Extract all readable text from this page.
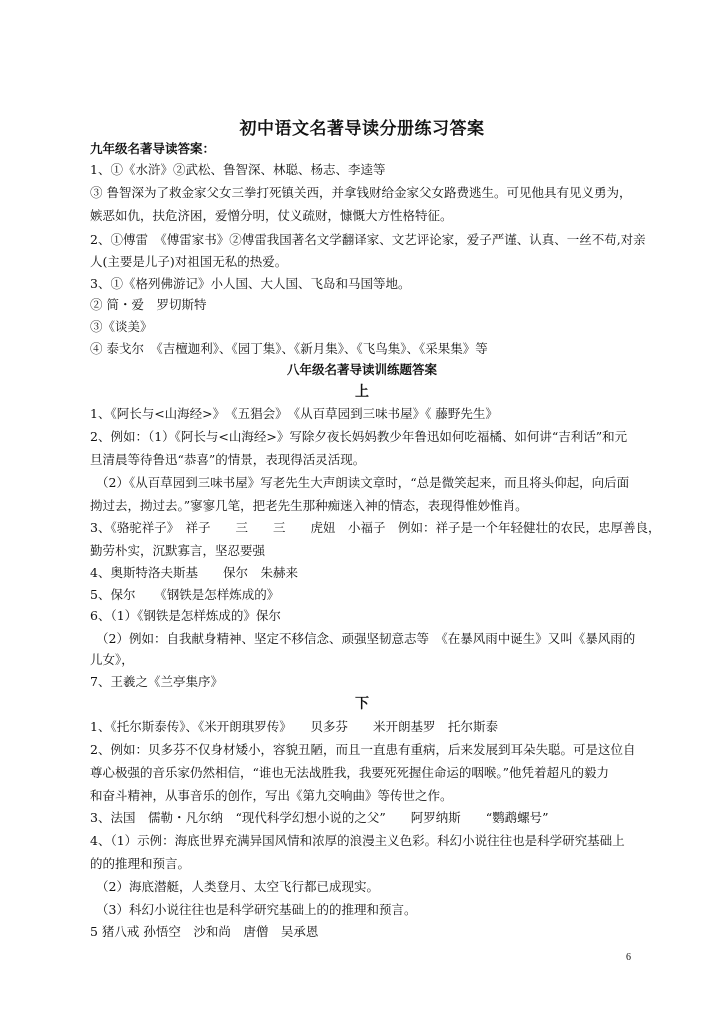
初中语文名著导读分册练习答案
九年级名著导读答案：
1、①《水浒》②武松、鲁智深、林聪、杨志、李逵等
③ 鲁智深为了救金家父女三拳打死镇关西，并拿钱财给金家父女路费逃生。可见他具有见义勇为，
嫉恶如仇，扶危济困，爱憎分明，仗义疏财，慷慨大方性格特征。
2、①傅雷　《傅雷家书》②傅雷我国著名文学翻译家、文艺评论家，爱子严谨、认真、一丝不苟,对亲
人(主要是儿子)对祖国无私的热爱。
3、①《格列佛游记》小人国、大人国、飞岛和马国等地。
② 简・爱　罗切斯特
③《谈美》
④ 泰戈尔　《吉檀迦利》、《园丁集》、《新月集》、《飞鸟集》、《采果集》等
八年级名著导读训练题答案
上
1、《阿长与<山海经>》　《五猖会》　《从百草园到三味书屋》《 藤野先生》
2、例如：（1）《阿长与<山海经>》写除夕夜长妈妈教少年鲁迅如何吃福橘、如何讲“吉利话”和元
旦清晨等待鲁迅“恭喜”的情景，表现得活灵活现。
（2）《从百草园到三味书屋》写老先生大声朗读文章时，“总是微笑起来，而且将头仰起，向后面
拗过去，拗过去。”寥寥几笔，把老先生那种痴迷入神的情态，表现得惟妙惟肖。
3、《骆驼祥子》　祥子　　三　　三　　虎妞　小福子　例如：祥子是一个年轻健壮的农民，忠厚善良，
勤劳朴实，沉默寡言，坚忍要强
4、奥斯特洛夫斯基　　保尔　朱赫来
5、保尔　　《钢铁是怎样炼成的》
6、（1）《钢铁是怎样炼成的》保尔
（2）例如：自我献身精神、坚定不移信念、顽强坚韧意志等　《在暴风雨中诞生》又叫《暴风雨的
儿女》，
7、王羲之《兰亭集序》
下
1、《托尔斯泰传》、《米开朗琪罗传》　　贝多芬　　米开朗基罗　托尔斯泰
2、例如：贝多芬不仅身材矮小，容貌丑陋，而且一直患有重病，后来发展到耳朵失聪。可是这位自
尊心极强的音乐家仍然相信，“谁也无法战胜我，我要死死握住命运的咽喉。”他凭着超凡的毅力
和奋斗精神，从事音乐的创作，写出《第九交响曲》等传世之作。
3、法国　儒勒・凡尔纳　“现代科学幻想小说的之父”　　阿罗纳斯　　“鹦鹉螺号”
4、（1）示例：海底世界充满异国风情和浓厚的浪漫主义色彩。科幻小说往往也是科学研究基础上
的的推理和预言。
（2）海底潜艇，人类登月、太空飞行都已成现实。
（3）科幻小说往往也是科学研究基础上的的推理和预言。
5 猪八戒 孙悟空　沙和尚　唐僧　吴承恩
6
